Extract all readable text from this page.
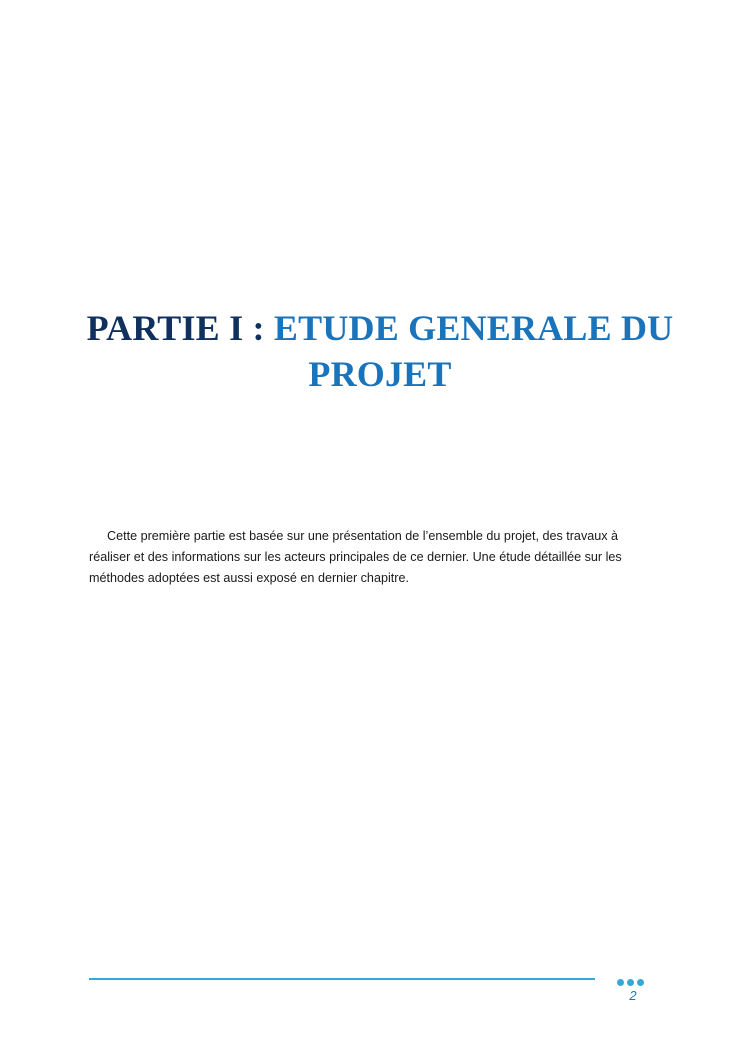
PARTIE I : ETUDE GENERALE DU PROJET

Cette première partie est basée sur une présentation de l’ensemble du projet, des travaux à réaliser et des informations sur les acteurs principales de ce dernier. Une étude détaillée sur les méthodes adoptées est aussi exposé en dernier chapitre.

2
